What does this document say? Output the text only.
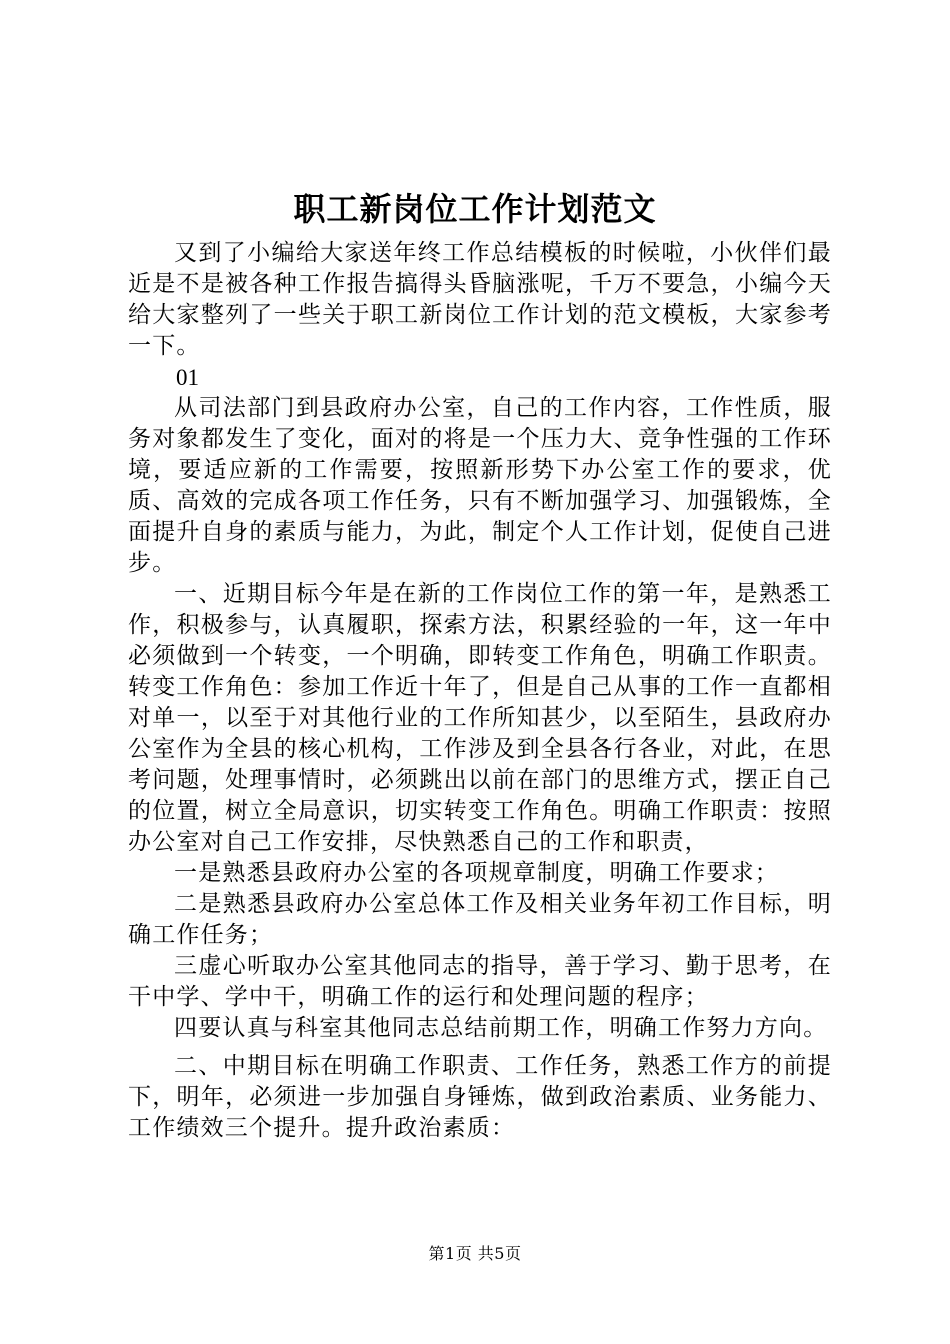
职工新岗位工作计划范文

又到了小编给大家送年终工作总结模板的时候啦，小伙伴们最近是不是被各种工作报告搞得头昏脑涨呢，千万不要急，小编今天给大家整列了一些关于职工新岗位工作计划的范文模板，大家参考一下。

01

从司法部门到县政府办公室，自己的工作内容，工作性质，服务对象都发生了变化，面对的将是一个压力大、竞争性强的工作环境，要适应新的工作需要，按照新形势下办公室工作的要求，优质、高效的完成各项工作任务，只有不断加强学习、加强锻炼，全面提升自身的素质与能力，为此，制定个人工作计划，促使自己进步。

一、近期目标今年是在新的工作岗位工作的第一年，是熟悉工作，积极参与，认真履职，探索方法，积累经验的一年，这一年中必须做到一个转变，一个明确，即转变工作角色，明确工作职责。转变工作角色：参加工作近十年了，但是自己从事的工作一直都相对单一，以至于对其他行业的工作所知甚少，以至陌生，县政府办公室作为全县的核心机构，工作涉及到全县各行各业，对此，在思考问题，处理事情时，必须跳出以前在部门的思维方式，摆正自己的位置，树立全局意识，切实转变工作角色。明确工作职责：按照办公室对自己工作安排，尽快熟悉自己的工作和职责，

一是熟悉县政府办公室的各项规章制度，明确工作要求；

二是熟悉县政府办公室总体工作及相关业务年初工作目标，明确工作任务；

三虚心听取办公室其他同志的指导，善于学习、勤于思考，在干中学、学中干，明确工作的运行和处理问题的程序；

四要认真与科室其他同志总结前期工作，明确工作努力方向。

二、中期目标在明确工作职责、工作任务，熟悉工作方的前提下，明年，必须进一步加强自身锤炼，做到政治素质、业务能力、工作绩效三个提升。提升政治素质：

第1页 共5页
